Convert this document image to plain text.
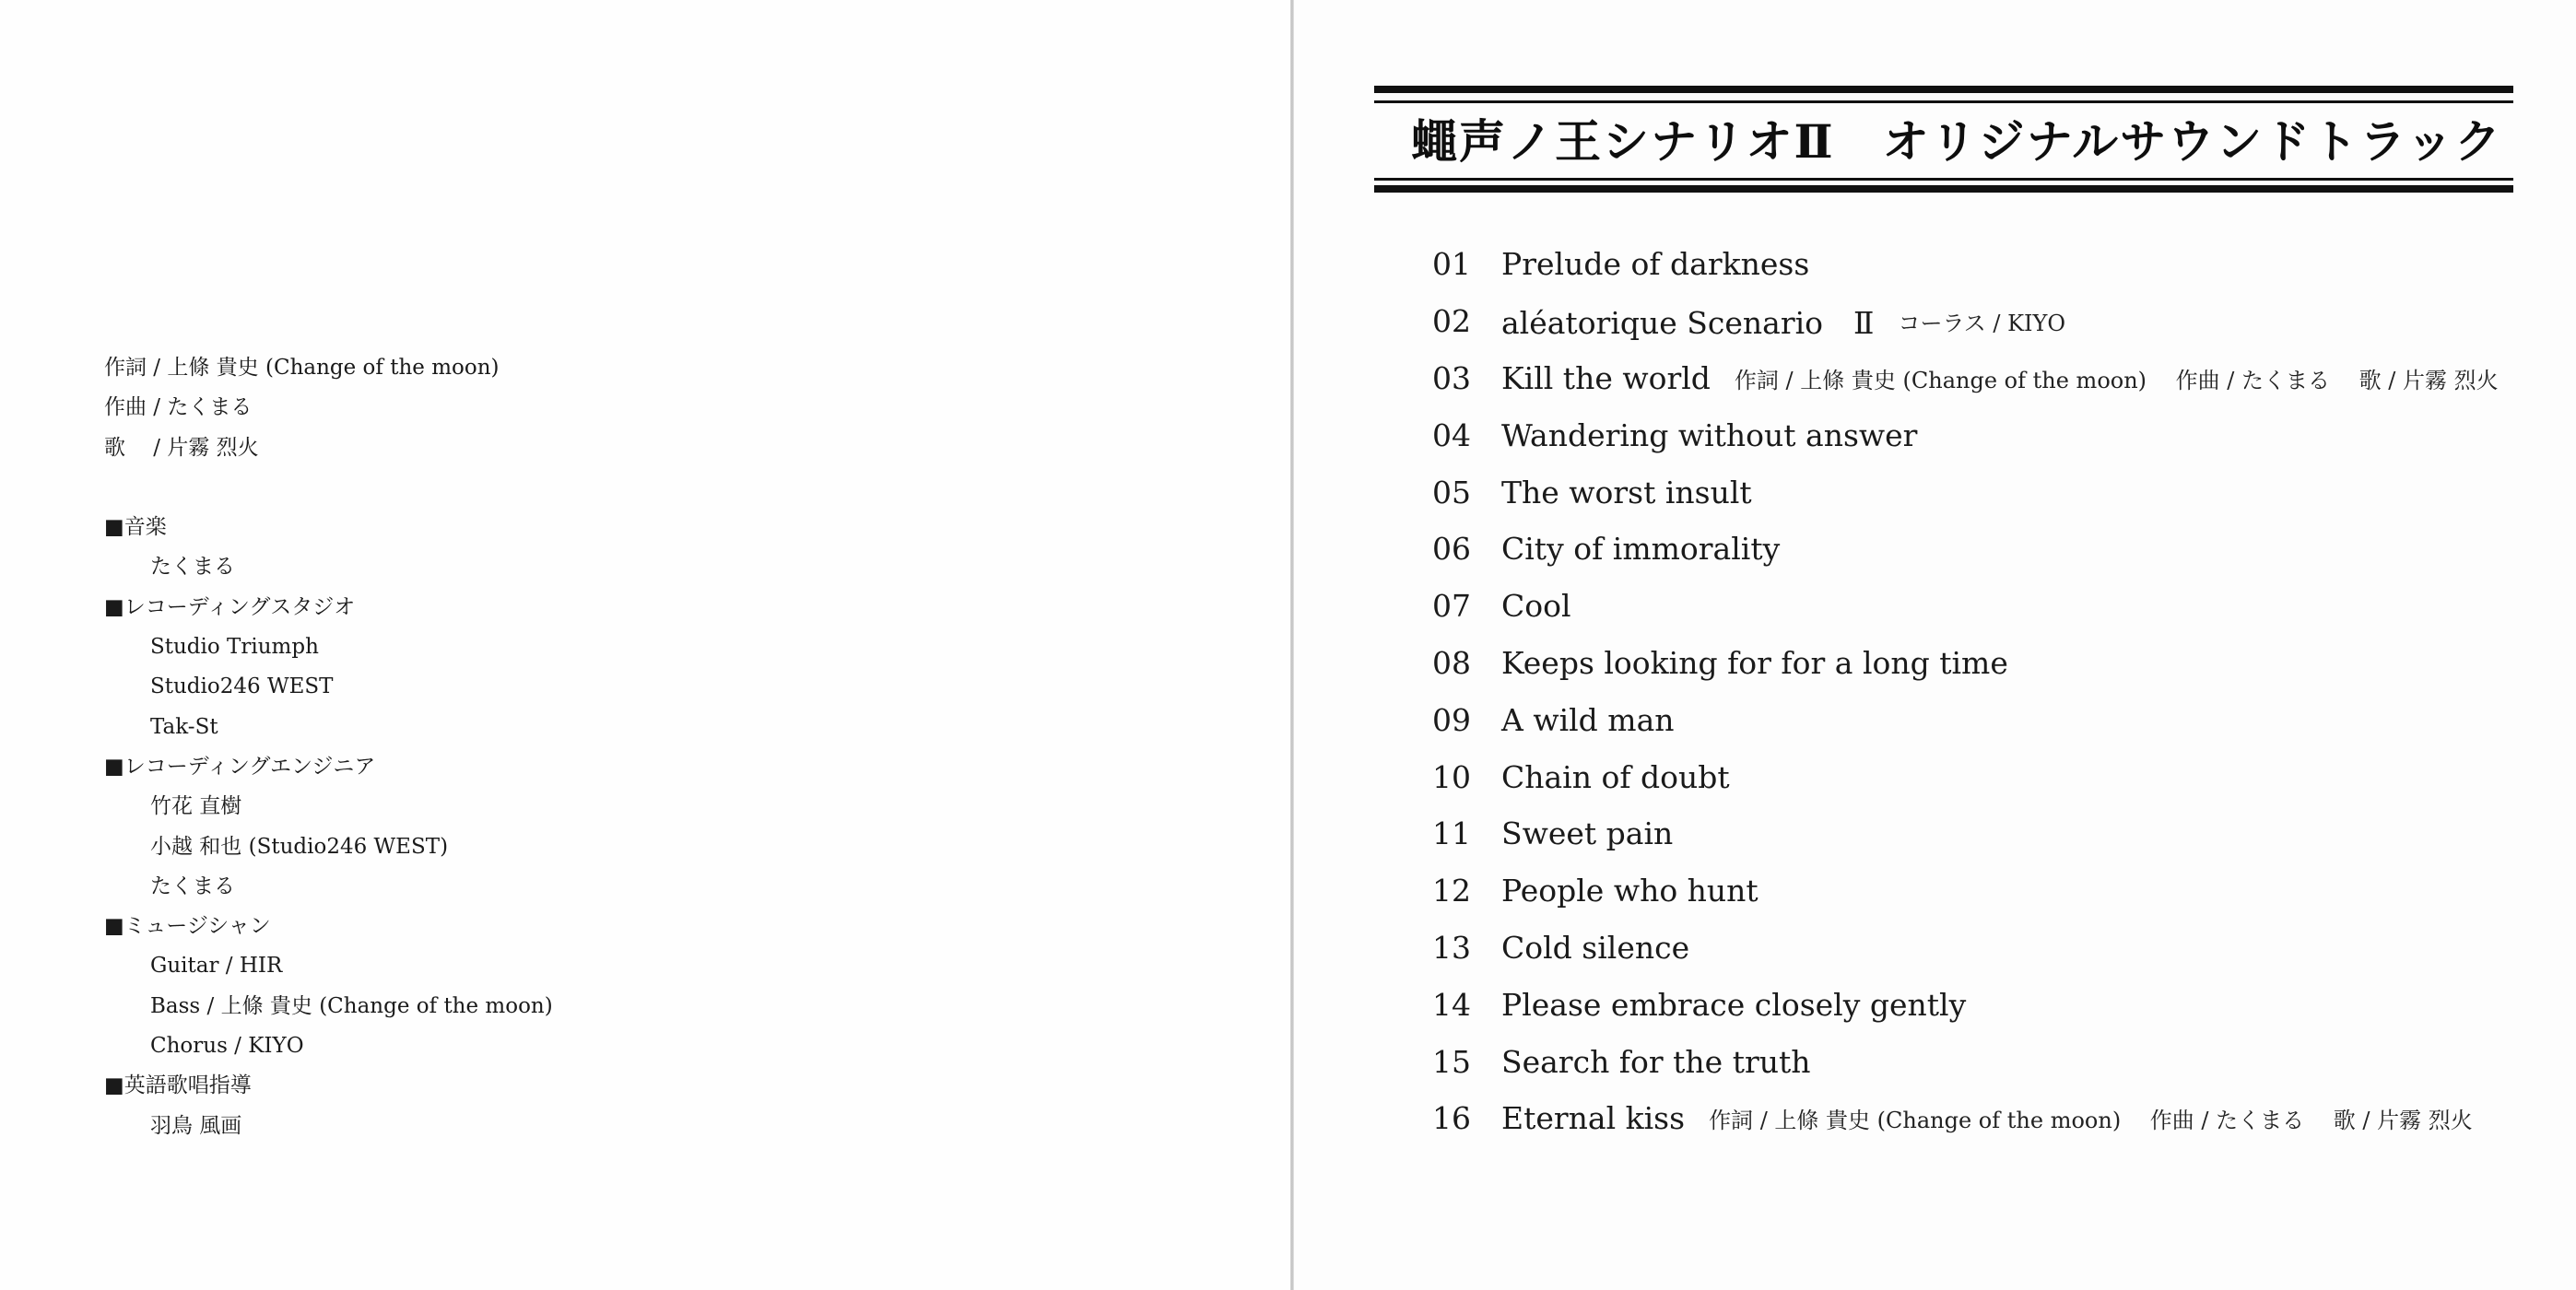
作詞 / 上條 貴史 (Change of the moon)
作曲 / たくまる
歌　 / 片霧 烈火
■ 音楽
たくまる
■ レコーディングスタジオ
Studio Triumph
Studio246 WEST
Tak-St
■ レコーディングエンジニア
竹花 直樹
小越 和也 (Studio246 WEST)
たくまる
■ ミュージシャン
Guitar / HIR
Bass / 上條 貴史 (Change of the moon)
Chorus / KIYO
■ 英語歌唱指導
羽鳥 風画
蠅声ノ王シナリオⅡ　オリジナルサウンドトラック
01	Prelude of darkness
02	aléatorique Scenario　Ⅱ コーラス / KIYO
03	Kill the world 作詞 / 上條 貴史 (Change of the moon)　 作曲 / たくまる　 歌 / 片霧 烈火
04	Wandering without answer
05	The worst insult
06	City of immorality
07	Cool
08	Keeps looking for for a long time
09	A wild man
10	Chain of doubt
11	Sweet pain
12	People who hunt
13	Cold silence
14	Please embrace closely gently
15	Search for the truth
16	Eternal kiss 作詞 / 上條 貴史 (Change of the moon)　 作曲 / たくまる　 歌 / 片霧 烈火
